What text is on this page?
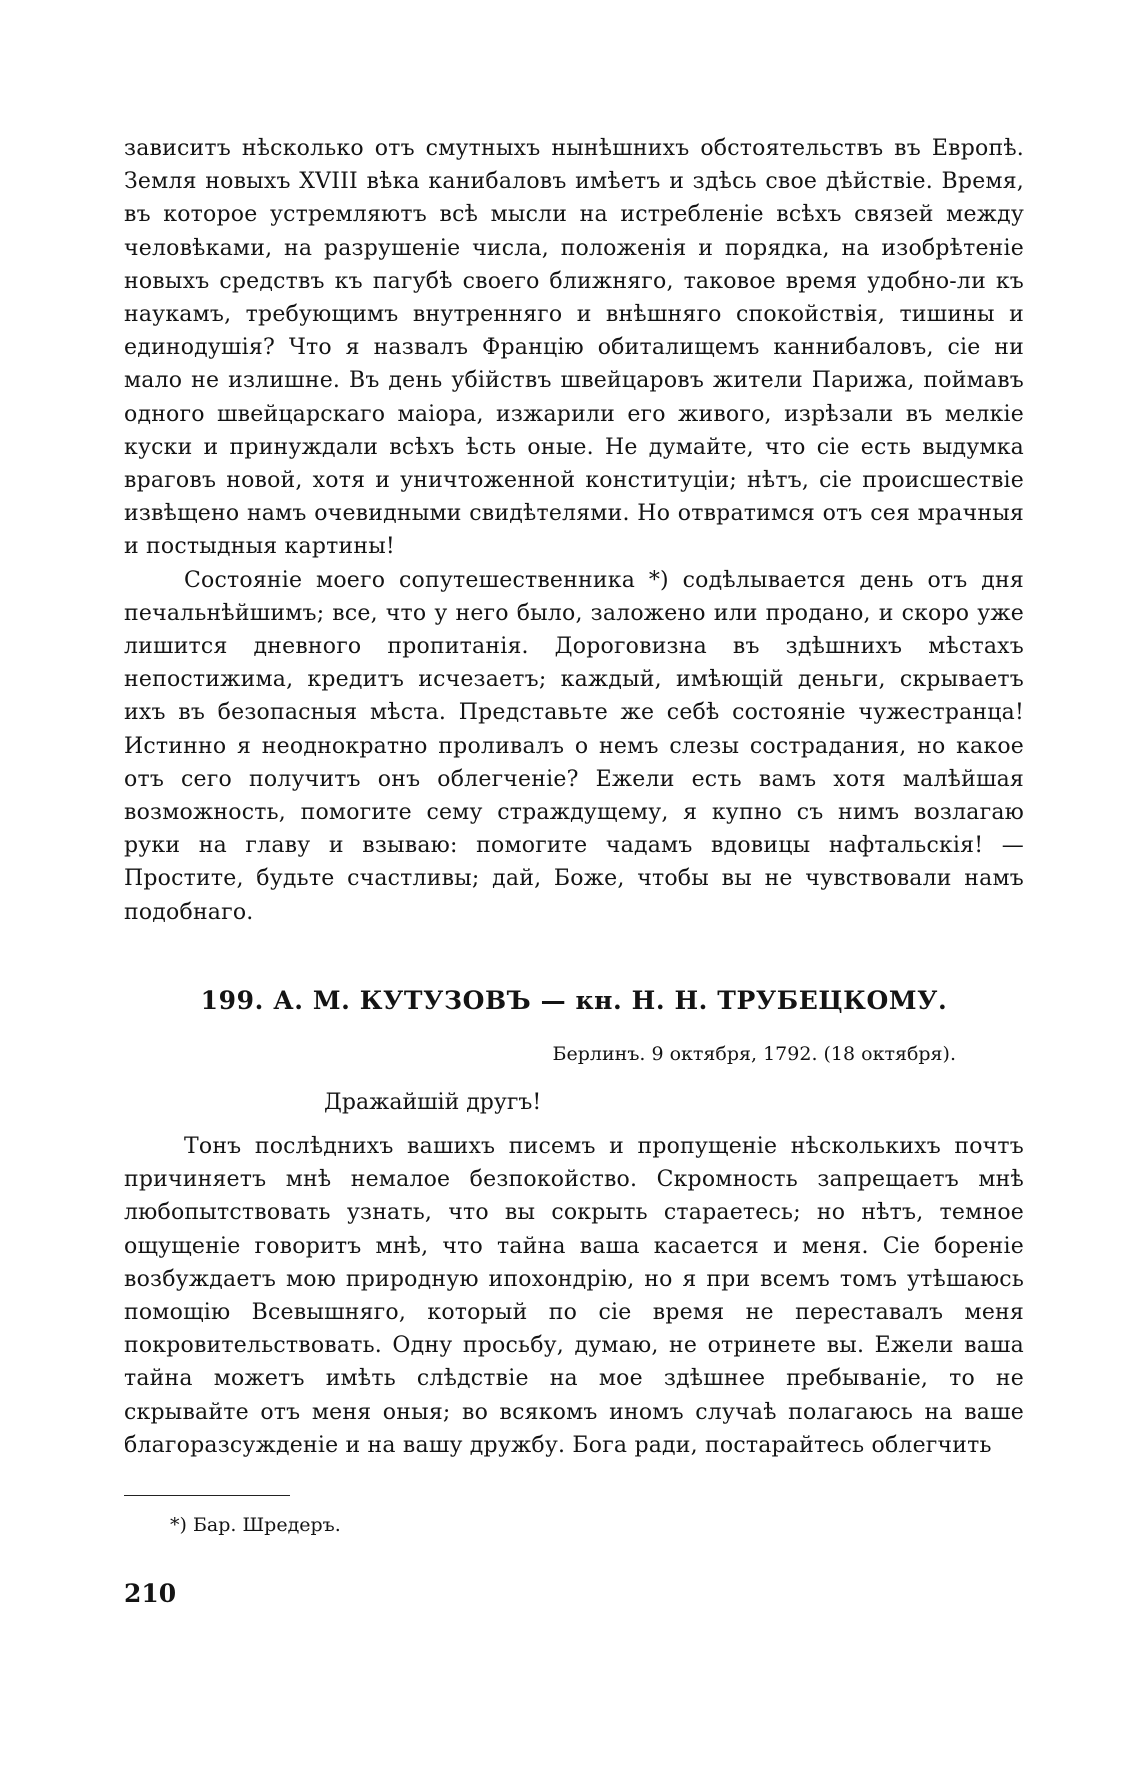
зависитъ нѣсколько отъ смутныхъ нынѣшнихъ обстоятельствъ въ Европѣ. Земля новыхъ XVIII вѣка канибаловъ имѣетъ и здѣсь свое дѣйствіе. Время, въ которое устремляютъ всѣ мысли на истребленіе всѣхъ связей между человѣками, на разрушеніе числа, положенія и порядка, на изобрѣтеніе новыхъ средствъ къ пагубѣ своего ближняго, таковое время удобно-ли къ наукамъ, требующимъ внутренняго и внѣшняго спокойствія, тишины и единодушія? Что я назвалъ Францію обиталищемъ каннибаловъ, сіе ни мало не излишне. Въ день убійствъ швейцаровъ жители Парижа, поймавъ одного швейцарскаго маіора, изжарили его живого, изрѣзали въ мелкіе куски и принуждали всѣхъ ѣсть оные. Не думайте, что сіе есть выдумка враговъ новой, хотя и уничтоженной конституціи; нѣтъ, сіе происшествіе извѣщено намъ очевидными свидѣтелями. Но отвратимся отъ сея мрачныя и постыдныя картины!

Состояніе моего сопутешественника *) содѣлывается день отъ дня печальнѣйшимъ; все, что у него было, заложено или продано, и скоро уже лишится дневного пропитанія. Дороговизна въ здѣшнихъ мѣстахъ непостижима, кредитъ исчезаетъ; каждый, имѣющій деньги, скрываетъ ихъ въ безопасныя мѣста. Представьте же себѣ состояніе чужестранца! Истинно я неоднократно проливалъ о немъ слезы сострадания, но какое отъ сего получитъ онъ облегченіе? Ежели есть вамъ хотя малѣйшая возможность, помогите сему страждущему, я купно съ нимъ возлагаю руки на главу и взываю: помогите чадамъ вдовицы нафтальскія! — Простите, будьте счастливы; дай, Боже, чтобы вы не чувствовали намъ подобнаго.

199. А. М. КУТУЗОВЪ — кн. Н. Н. ТРУБЕЦКОМУ.

Берлинъ. 9 октября, 1792. (18 октября).

Дражайшій другъ!

Тонъ послѣднихъ вашихъ писемъ и пропущеніе нѣсколькихъ почтъ причиняетъ мнѣ немалое безпокойство. Скромность запрещаетъ мнѣ любопытствовать узнать, что вы сокрыть стараетесь; но нѣтъ, темное ощущеніе говоритъ мнѣ, что тайна ваша касается и меня. Сіе бореніе возбуждаетъ мою природную ипохондрію, но я при всемъ томъ утѣшаюсь помощію Всевышняго, который по сіе время не переставалъ меня покровительствовать. Одну просьбу, думаю, не отринете вы. Ежели ваша тайна можетъ имѣть слѣдствіе на мое здѣшнее пребываніе, то не скрывайте отъ меня оныя; во всякомъ иномъ случаѣ полагаюсь на ваше благоразсужденіе и на вашу дружбу. Бога ради, постарайтесь облегчить

*) Бар. Шредеръ.

210
